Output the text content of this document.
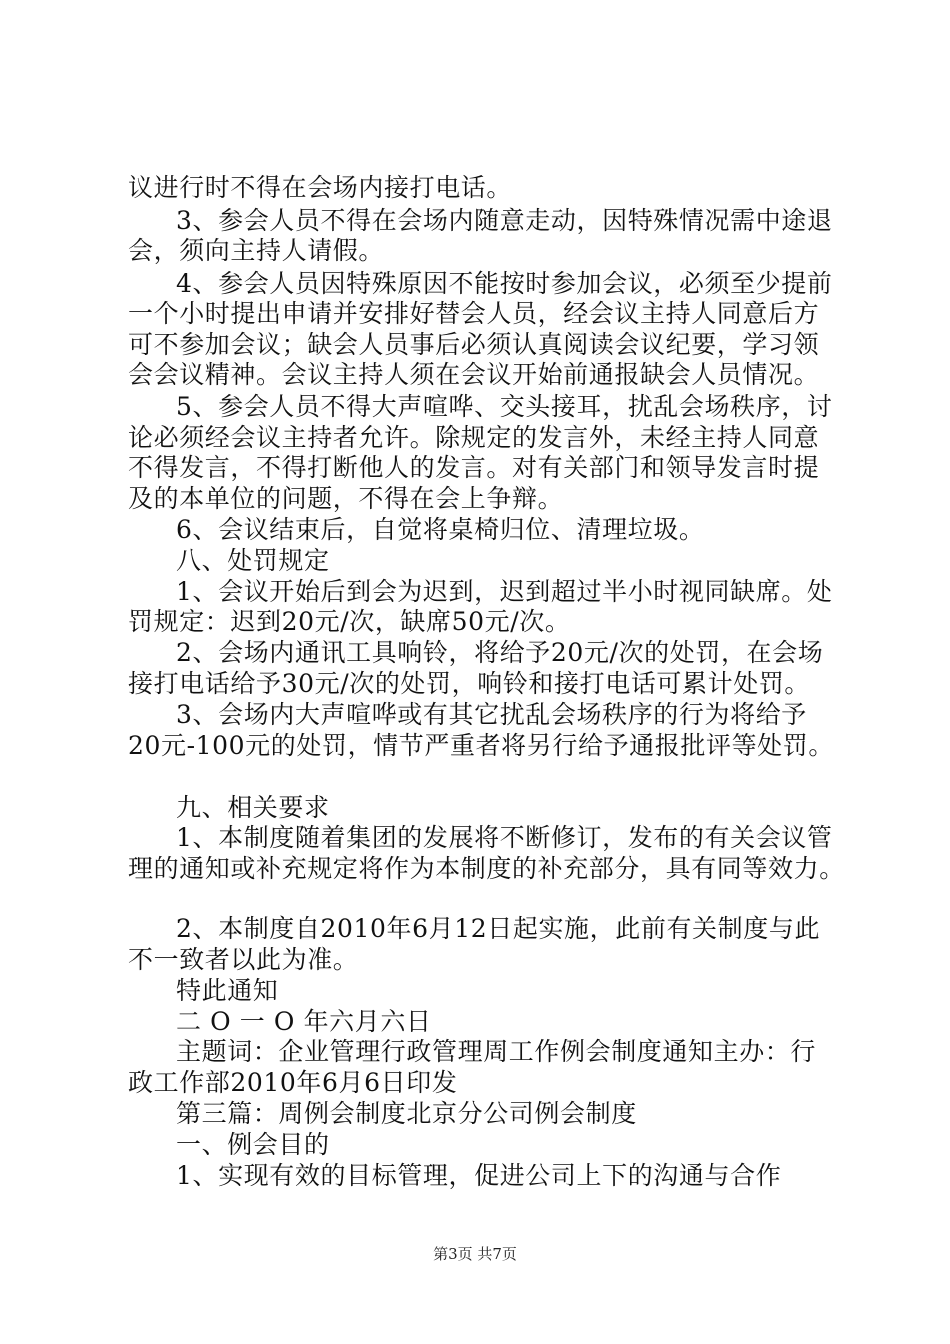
议进行时不得在会场内接打电话。
3、参会人员不得在会场内随意走动，因特殊情况需中途退
会，须向主持人请假。
4、参会人员因特殊原因不能按时参加会议，必须至少提前
一个小时提出申请并安排好替会人员，经会议主持人同意后方
可不参加会议；缺会人员事后必须认真阅读会议纪要，学习领
会会议精神。会议主持人须在会议开始前通报缺会人员情况。
5、参会人员不得大声喧哗、交头接耳，扰乱会场秩序，讨
论必须经会议主持者允许。除规定的发言外，未经主持人同意
不得发言，不得打断他人的发言。对有关部门和领导发言时提
及的本单位的问题，不得在会上争辩。
6、会议结束后，自觉将桌椅归位、清理垃圾。
八、处罚规定
1、会议开始后到会为迟到，迟到超过半小时视同缺席。处
罚规定：迟到20元/次，缺席50元/次。
2、会场内通讯工具响铃，将给予20元/次的处罚，在会场
接打电话给予30元/次的处罚，响铃和接打电话可累计处罚。
3、会场内大声喧哗或有其它扰乱会场秩序的行为将给予
20元-100元的处罚，情节严重者将另行给予通报批评等处罚。
九、相关要求
1、本制度随着集团的发展将不断修订，发布的有关会议管
理的通知或补充规定将作为本制度的补充部分，具有同等效力。
2、本制度自2010年6月12日起实施，此前有关制度与此
不一致者以此为准。
特此通知
二 O 一 O 年六月六日
主题词：企业管理行政管理周工作例会制度通知主办：行
政工作部2010年6月6日印发
第三篇：周例会制度北京分公司例会制度
一、例会目的
1、实现有效的目标管理，促进公司上下的沟通与合作
第3页 共7页
